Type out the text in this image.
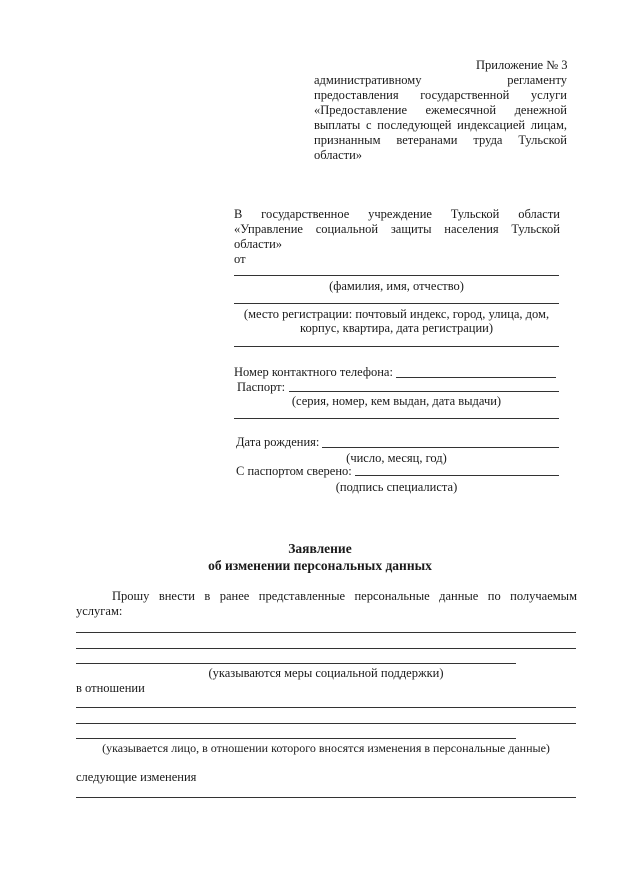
Приложение № 3
административному регламенту
предоставления государственной услуги
«Предоставление ежемесячной денежной
выплаты с последующей индексацией лицам,
признанным ветеранами труда Тульской
области»
В государственное учреждение Тульской области
«Управление социальной защиты населения Тульской
области»
от
(фамилия, имя, отчество)
(место регистрации: почтовый индекс, город, улица, дом,
корпус, квартира, дата регистрации)
Номер контактного телефона:
Паспорт:
(серия, номер, кем выдан, дата выдачи)
Дата рождения:
(число, месяц, год)
С паспортом сверено:
(подпись специалиста)
Заявление
об изменении персональных данных
Прошу внести в ранее представленные персональные данные по получаемым
услугам:
(указываются меры социальной поддержки)
в отношении
(указывается лицо, в отношении которого вносятся изменения в персональные данные)
следующие изменения
